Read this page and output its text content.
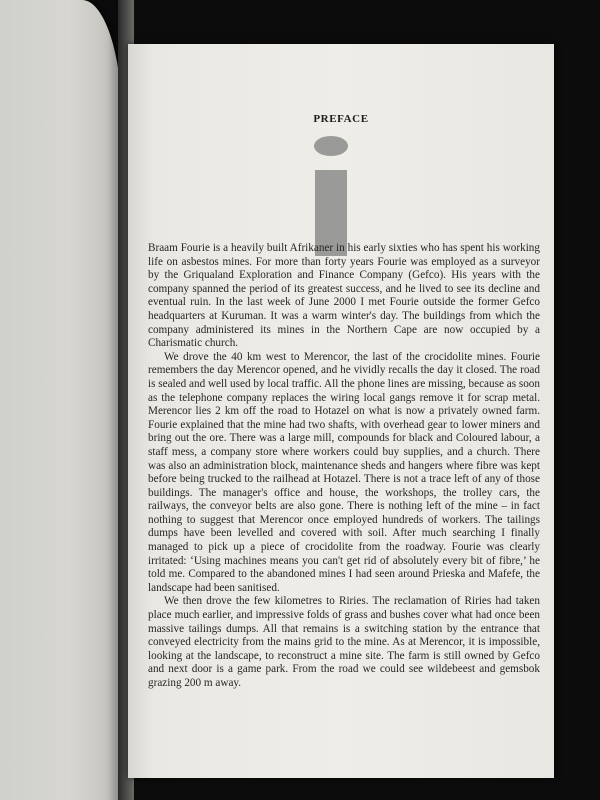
PREFACE

Braam Fourie is a heavily built Afrikaner in his early sixties who has spent his working life on asbestos mines. For more than forty years Fourie was employed as a surveyor by the Griqualand Exploration and Finance Company (Gefco). His years with the company spanned the period of its greatest success, and he lived to see its decline and eventual ruin. In the last week of June 2000 I met Fourie outside the former Gefco headquarters at Kuruman. It was a warm winter's day. The buildings from which the company administered its mines in the Northern Cape are now occupied by a Charismatic church.

We drove the 40 km west to Merencor, the last of the crocidolite mines. Fourie remembers the day Merencor opened, and he vividly recalls the day it closed. The road is sealed and well used by local traffic. All the phone lines are missing, because as soon as the telephone company replaces the wiring local gangs remove it for scrap metal. Merencor lies 2 km off the road to Hotazel on what is now a privately owned farm. Fourie explained that the mine had two shafts, with overhead gear to lower miners and bring out the ore. There was a large mill, compounds for black and Coloured labour, a staff mess, a company store where workers could buy supplies, and a church. There was also an administration block, maintenance sheds and hangers where fibre was kept before being trucked to the railhead at Hotazel. There is not a trace left of any of those buildings. The manager's office and house, the workshops, the trolley cars, the railways, the conveyor belts are also gone. There is nothing left of the mine – in fact nothing to suggest that Merencor once employed hundreds of workers. The tailings dumps have been levelled and covered with soil. After much searching I finally managed to pick up a piece of crocidolite from the roadway. Fourie was clearly irritated: ‘Using machines means you can't get rid of absolutely every bit of fibre,’ he told me. Compared to the abandoned mines I had seen around Prieska and Mafefe, the landscape had been sanitised.

We then drove the few kilometres to Riries. The reclamation of Riries had taken place much earlier, and impressive folds of grass and bushes cover what had once been massive tailings dumps. All that remains is a switching station by the entrance that conveyed electricity from the mains grid to the mine. As at Merencor, it is impossible, looking at the landscape, to reconstruct a mine site. The farm is still owned by Gefco and next door is a game park. From the road we could see wildebeest and gemsbok grazing 200 m away.
